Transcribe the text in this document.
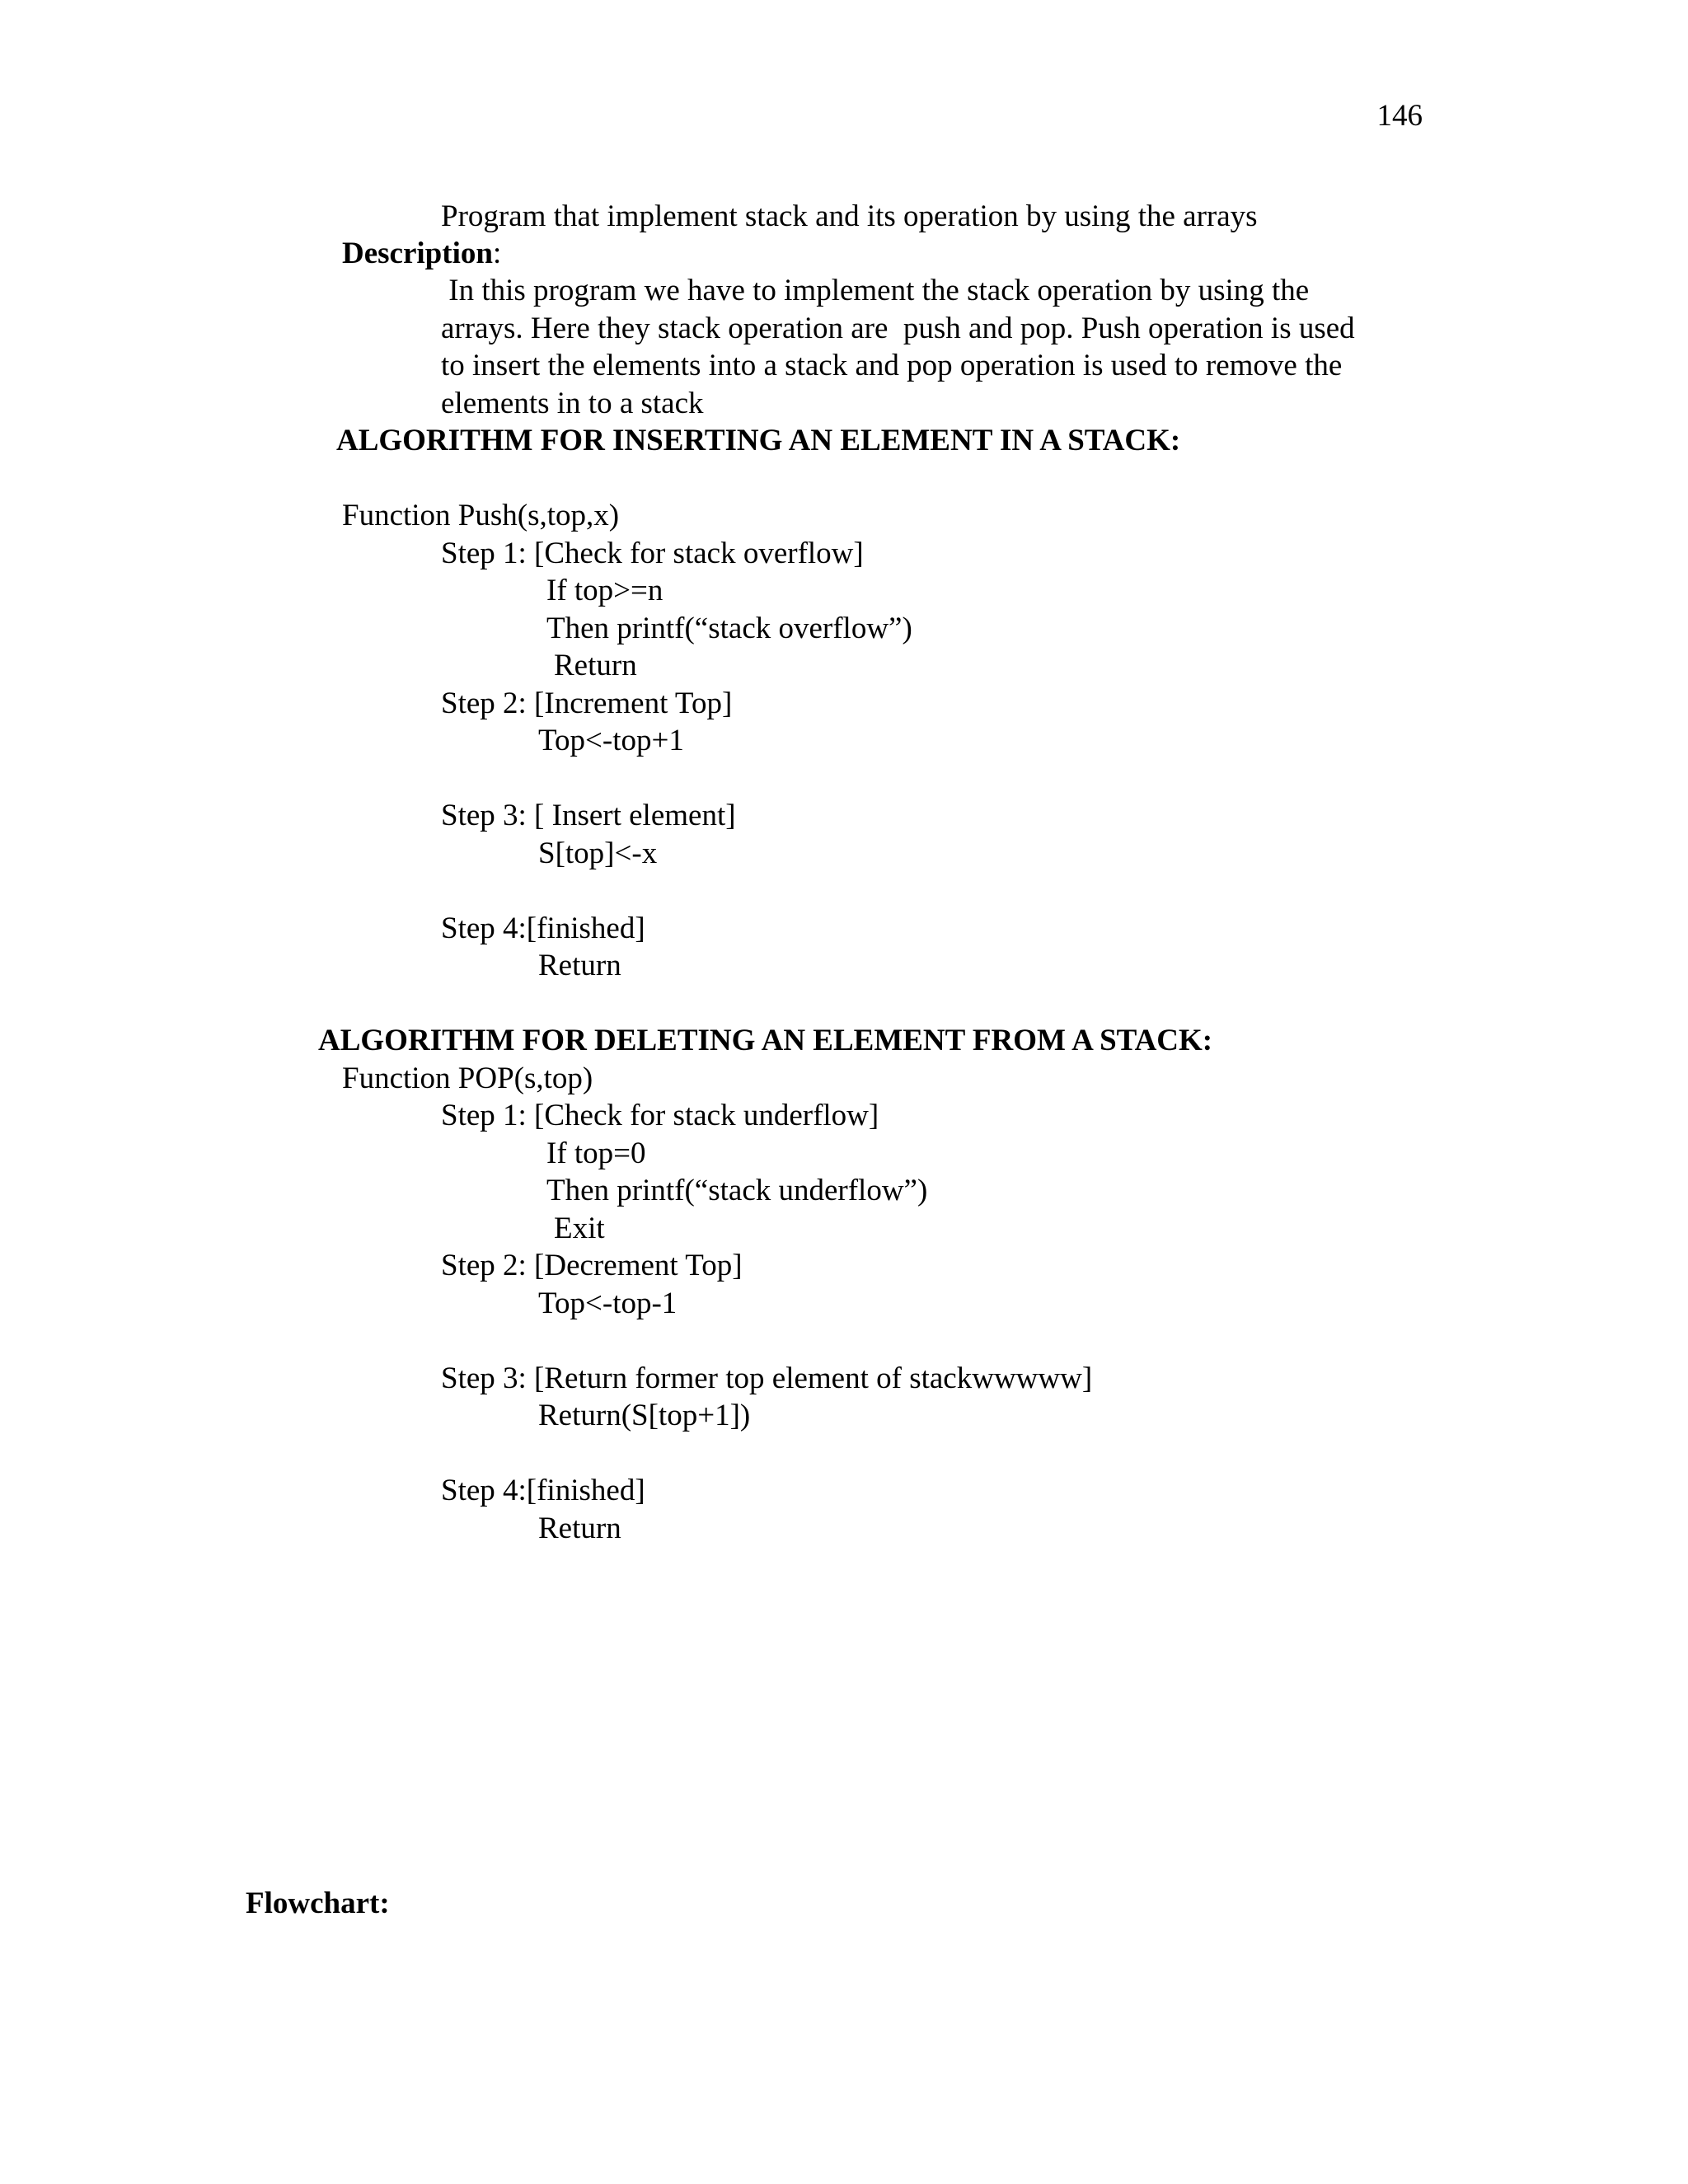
146
Program that implement stack and its operation by using the arrays
Description:
In this program we have to implement the stack operation by using the
arrays. Here they stack operation are  push and pop. Push operation is used
to insert the elements into a stack and pop operation is used to remove the
elements in to a stack
ALGORITHM FOR INSERTING AN ELEMENT IN A STACK:
Function Push(s,top,x)
Step 1: [Check for stack overflow]
If top>=n
Then printf(“stack overflow”)
Return
Step 2: [Increment Top]
Top<-top+1
Step 3: [ Insert element]
S[top]<-x
Step 4:[finished]
Return
ALGORITHM FOR DELETING AN ELEMENT FROM A STACK:
Function POP(s,top)
Step 1: [Check for stack underflow]
If top=0
Then printf(“stack underflow”)
Exit
Step 2: [Decrement Top]
Top<-top-1
Step 3: [Return former top element of stackwwwww]
Return(S[top+1])
Step 4:[finished]
Return
Flowchart:
